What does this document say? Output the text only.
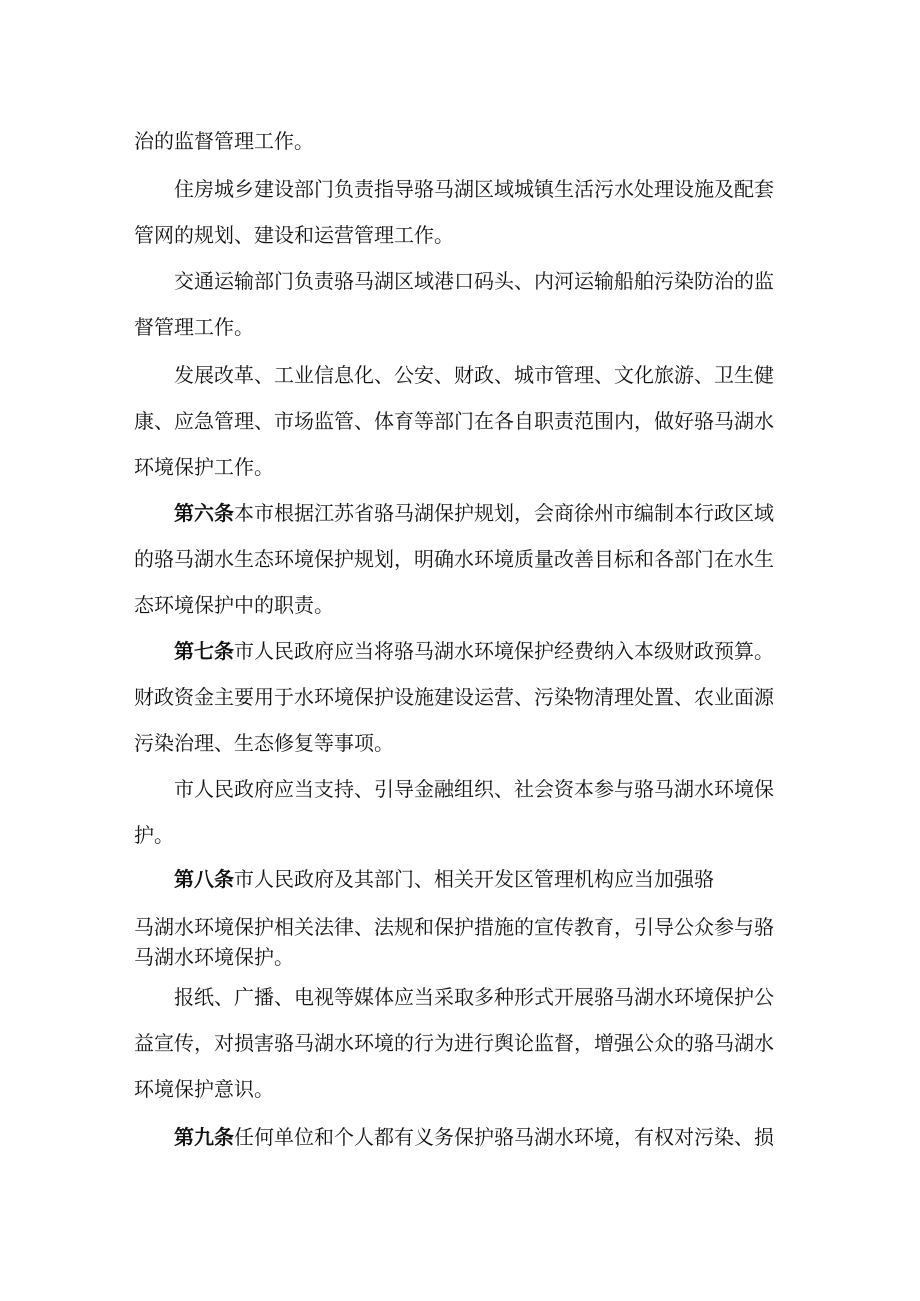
治的监督管理工作。

住房城乡建设部门负责指导骆马湖区域城镇生活污水处理设施及配套

管网的规划、建设和运营管理工作。

交通运输部门负责骆马湖区域港口码头、内河运输船舶污染防治的监

督管理工作。

发展改革、工业信息化、公安、财政、城市管理、文化旅游、卫生健

康、应急管理、市场监管、体育等部门在各自职责范围内，做好骆马湖水

环境保护工作。

第六条本市根据江苏省骆马湖保护规划，会商徐州市编制本行政区域

的骆马湖水生态环境保护规划，明确水环境质量改善目标和各部门在水生

态环境保护中的职责。

第七条市人民政府应当将骆马湖水环境保护经费纳入本级财政预算。

财政资金主要用于水环境保护设施建设运营、污染物清理处置、农业面源

污染治理、生态修复等事项。

市人民政府应当支持、引导金融组织、社会资本参与骆马湖水环境保

护。

第八条市人民政府及其部门、相关开发区管理机构应当加强骆

马湖水环境保护相关法律、法规和保护措施的宣传教育，引导公众参与骆

马湖水环境保护。

报纸、广播、电视等媒体应当采取多种形式开展骆马湖水环境保护公

益宣传，对损害骆马湖水环境的行为进行舆论监督，增强公众的骆马湖水

环境保护意识。

第九条任何单位和个人都有义务保护骆马湖水环境，有权对污染、损
